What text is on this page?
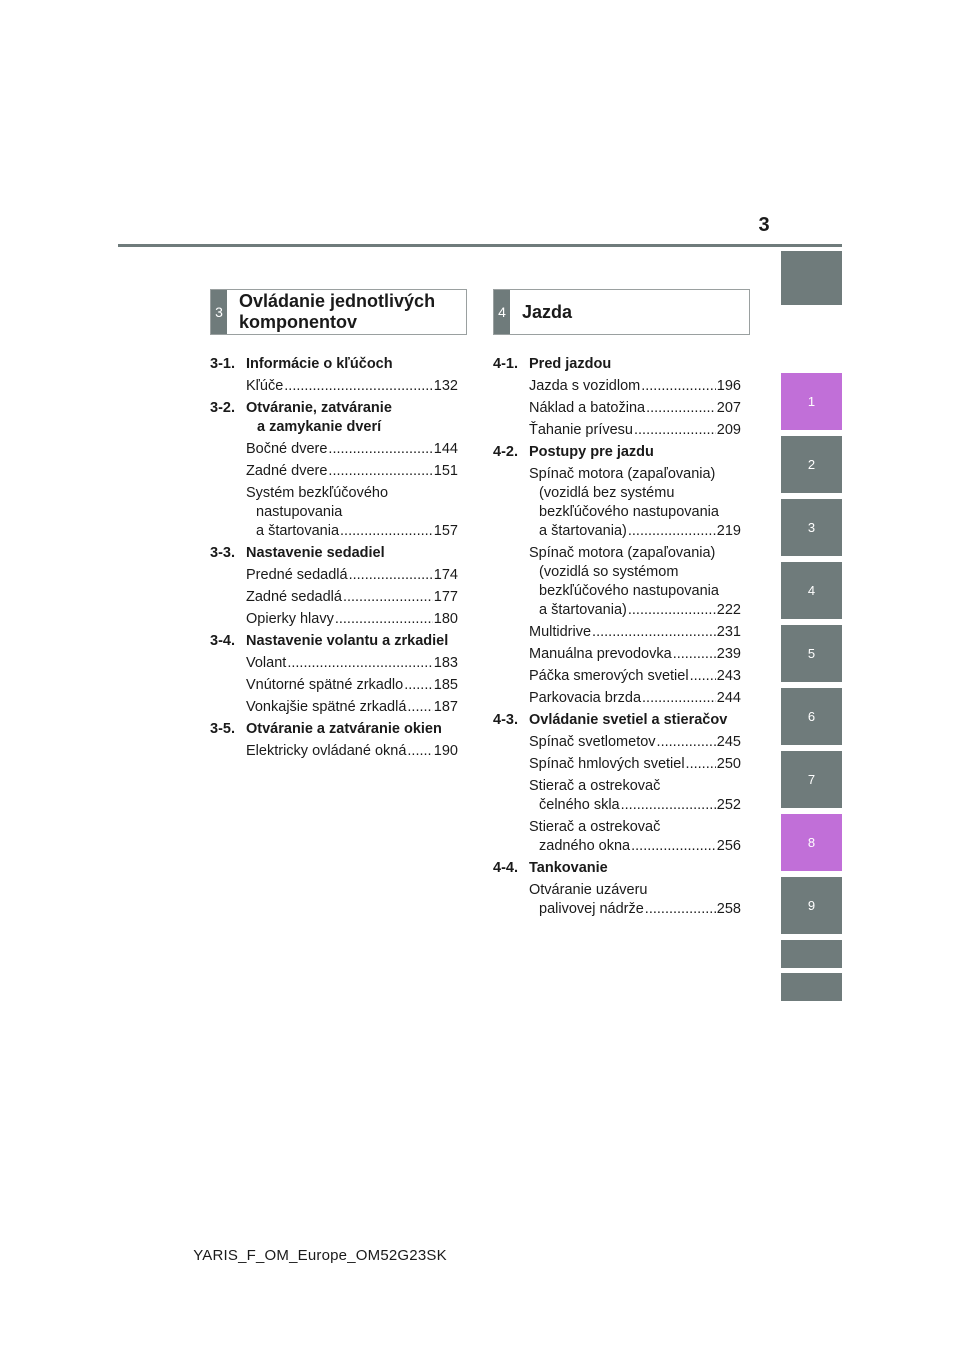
3
3
Ovládanie jednotlivých
komponentov	4 Jazda
3-1. Informácie o kľúčoch
Kľúče .....	132
3-2. Otváranie, zatváranie
a zamykanie dverí
Bočné dvere .....	144
Zadné dvere .....	151
Systém bezkľúčového
nastupovania
a štartovania .....	157
3-3. Nastavenie sedadiel
Predné sedadlá .....	174
Zadné sedadlá .....	177
Opierky hlavy .....	180
3-4. Nastavenie volantu a zrkadiel
Volant .....	183
Vnútorné spätné zrkadlo ..... 185
Vonkajšie spätné zrkadlá ..... 187
3-5. Otváranie a zatváranie okien
Elektricky ovládané okná ..... 190
4-1. Pred jazdou
Jazda s vozidlom .....	196
Náklad a batožina .....	207
Ťahanie prívesu .....	209
4-2. Postupy pre jazdu
Spínač motora (zapaľovania)
(vozidlá bez systému
bezkľúčového nastupovania
a štartovania) .....	219
Spínač motora (zapaľovania)
(vozidlá so systémom
bezkľúčového nastupovania
a štartovania) .....	222
Multidrive .....	231
Manuálna prevodovka .....	239
Páčka smerových svetiel ..... 243
Parkovacia brzda .....	244
4-3. Ovládanie svetiel a stieračov
Spínač svetlometov .....	245
Spínač hmlových svetiel ..... 250
Stierač a ostrekovač
čelného skla .....	252
Stierač a ostrekovač
zadného okna .....	256
4-4. Tankovanie
Otváranie uzáveru
palivovej nádrže .....	258
1
2
3
4
5
6
7
8
9
YARIS_F_OM_Europe_OM52G23SK
